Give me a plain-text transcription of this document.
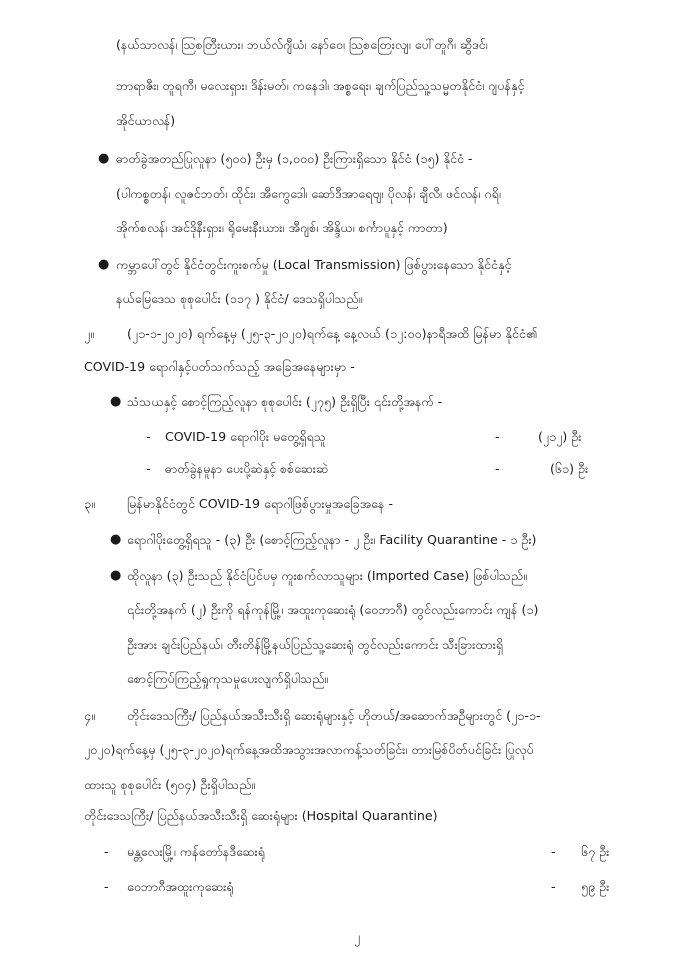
(နယ်သာလန်၊ ဩစတြီးယား၊ ဘယ်လ်ဂျီယံ၊ နော်ဝေ၊ ဩစတြေးလျ၊ ပေါ်တူဂီ၊ ဆွီဒင်၊
ဘာရာဇီး၊ တူရကီ၊ မလေးရှား၊ ဒိန်းမတ်၊ ကနေဒါ၊ အစ္စရေး၊ ချက်ပြည်သူ့သမ္မတနိုင်ငံ၊ ဂျပန်နှင့်
အိုင်ယာလန်)
● ဓာတ်ခွဲအတည်ပြုလူနာ (၅၀၀) ဦးမှ (၁,၀၀၀) ဦးကြားရှိသော နိုင်ငံ (၁၅) နိုင်ငံ -
(ပါကစ္စတန်၊ လူဇင်ဘတ်၊ ထိုင်း၊ အီကွေဒေါ၊ ဆော်ဒီအာရေဗျ၊ ပိုလန်၊ ချီလီ၊ ဖင်လန်၊ ဂရိ၊
အိုက်စလန်၊ အင်ဒိုနီးရှား၊ ရိုမေးနီးယား၊ အီဂျစ်၊ အိန္ဒိယ၊ စင်္ကာပူနှင့် ကာတာ)
● ကမ္ဘာပေါ်တွင် နိုင်ငံတွင်းကူးစက်မှု (Local Transmission) ဖြစ်ပွားနေသော နိုင်ငံနှင့်
နယ်မြေဒေသ စုစုပေါင်း (၁၁၇ ) နိုင်ငံ/ ဒေသရှိပါသည်။
၂။	(၂၁-၁-၂၀၂၀) ရက်နေ့မှ (၂၅-၃-၂၀၂၀)ရက်နေ့ နေ့လယ် (၁၂:၀၀)နာရီအထိ မြန်မာ နိုင်ငံ၏
COVID-19 ရောဂါနှင့်ပတ်သက်သည့် အခြေအနေများမှာ -
● သံသယနှင့် စောင့်ကြည့်လူနာ စုစုပေါင်း (၂၇၅) ဦးရှိပြီး ၎င်းတို့အနက် -
- COVID-19 ရောဂါပိုး မတွေ့ရှိရသူ	-	(၂၁၂) ဦး
- ဓာတ်ခွဲနမူနာ ပေးပို့ဆဲနှင့် စစ်ဆေးဆဲ	-	(၆၁) ဦး
၃။	မြန်မာနိုင်ငံတွင် COVID-19 ရောဂါဖြစ်ပွားမှုအခြေအနေ -
● ရောဂါပိုးတွေ့ရှိရသူ - (၃) ဦး (စောင့်ကြည့်လူနာ - ၂ ဦး၊ Facility Quarantine - ၁ ဦး)
● ထိုလူနာ (၃) ဦးသည် နိုင်ငံပြင်ပမှ ကူးစက်လာသူများ (Imported Case) ဖြစ်ပါသည်။
၎င်းတို့အနက် (၂) ဦးကို ရန်ကုန်မြို့၊ အထူးကုဆေးရုံ (ဝေဘာဂီ) တွင်လည်းကောင်း ကျန် (၁)
ဦးအား ချင်းပြည်နယ်၊ တီးတိန်မြို့နယ်ပြည်သူ့ဆေးရုံ တွင်လည်းကောင်း သီးခြားထားရှိ
စောင့်ကြပ်ကြည့်ရှုကုသမှုပေးလျက်ရှိပါသည်။
၄။	တိုင်းဒေသကြီး/ ပြည်နယ်အသီးသီးရှိ ဆေးရုံများနှင့် ဟိုတယ်/အဆောက်အဦများတွင် (၂၁-၁-
၂၀၂၀)ရက်နေ့မှ (၂၅-၃-၂၀၂၀)ရက်နေ့အထိအသွားအလာကန့်သတ်ခြင်း၊ တားမြစ်ပိတ်ပင်ခြင်း ပြုလုပ်
ထားသူ စုစုပေါင်း (၅၀၄) ဦးရှိပါသည်။
တိုင်းဒေသကြီး/ ပြည်နယ်အသီးသီးရှိ ဆေးရုံများ (Hospital Quarantine)
- မန္တလေးမြို့၊ ကန်တော်နဒီဆေးရုံ	- ၆၇ ဦး
- ဝေဘာဂီအထူးကုဆေးရုံ	- ၅၉ ဦး
၂
